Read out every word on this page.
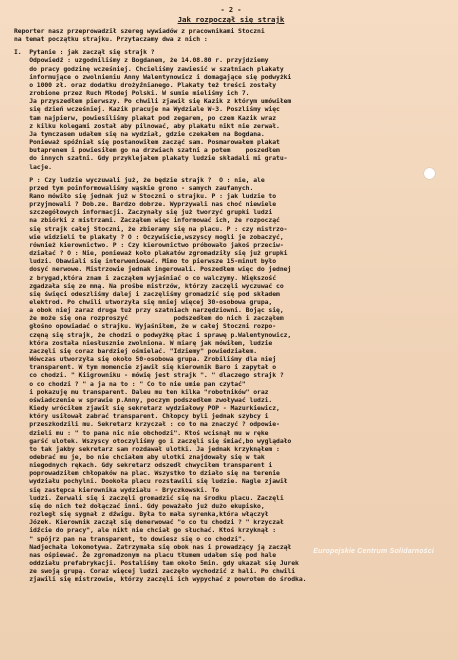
- 2 -
Jak rozpoczął się strajk
Reporter nasz przeprowadził szereg wywiadów z pracownikami Stoczni
na temat początku strajku. Przytaczamy dwa z nich :
I.  Pytanie : jak zaczął się strajk ?
Odpowiedź : uzgodniliśmy z Bogdanem, że 14.08.80 r. przyjdziemy
do pracy godzinę wcześniej. Chcieliśmy zawiesić w szatniach plakaty
informujące o zwolnieniu Anny Walentynowicz i domagające się podwyżki
o 1000 zł. oraz dodatku drożyźnianego. Plakaty też treści zostały
zrobione przez Ruch Młodej Polski. W sumie mieliśmy ich 7.
Ja przyszedłem pierwszy. Po chwili zjawił się Kazik z którym umówiłem
się dzień wcześniej. Kazik pracuje na Wydziale W-3. Poszliśmy więc
tam najpierw, powiesiliśmy plakat pod zegarem, po czem Kazik wraz
z kilku kolegami został aby pilnować, aby plakatu nikt nie zerwał.
Ja tymczasem udałem się na wydział, gdzie czekałem na Bogdana.
Ponieważ spóźniał się postanowiłem zacząć sam. Posmarowałem plakat
butaprenem i powiesiłem go na drzwiach szatni a potem    poszedłem
do innych szatni. Gdy przyklejałem plakaty ludzie składali mi gratu-
lacje.
P : Czy ludzie wyczuwali już, że będzie strajk ?  O : nie, ale
przed tym poinformowaliśmy wąskie grono - samych zaufanych.
Rano mówiło się jednak już w Stoczni o strajku. P : jak ludzie to
przyjmowali ? Dob.ze. Bardzo dobrze. Wyprzywali nas choć niewiele
szczegółowych informacji. Zaczynały się już tworzyć grupki ludzi
na zbiórki z mistrzami. Zacząłem więc informować ich, że rozpocząć
się strajk całej Stoczni, że zbieramy się na placu. P : czy mistrzo-
wie widzieli te plakaty ? O : Oczywiście,wszyscy mogli je zobaczyć,
również kierownictwo. P : Czy kierownictwo próbowało jakoś przeciw-
działać ? O : Nie, ponieważ koło plakatów zgromadziły się już grupki
ludzi. Obawiali się interweniować. Mimo to pierwsze 15-minut było
dosyć nerwowe. Mistrzowie jednak ingerowali. Poszedłem więc do jednej
z brygad,która znam i zacząłem wyjaśniać o co walczymy. Większość
zgadzała się ze mną. Na prośbe mistrzów, którzy zaczęli wyczuwać co
się święci odeszliśmy dalej i zaczęliśmy gromadzić się pod składem
elektrod. Po chwili utworzyła się mniej więcej 30-osobowa grupa,
a obok niej zaraz druga tuż przy szatniach narzędziowni. Bojąc się,
że może się ona rozproszyć            podszedłem do nich i zacząłem
głośno opowiadać o strajku. Wyjaśniłem, że w całej Stoczni rozpo-
częną się strajk, że chodzi o podwyżkę płac i sprawę p.Walentynowicz,
która została niesłusznie zwolniona. W miarę jak mówiłem, ludzie
zaczęli się coraz bardziej ośmielać. "Idziemy" powiedziałem.
Wówczas utworzyła się około 50-osobowa grupa. Zrobiliśmy dla niej
transparent. W tym momencie zjawił się kierownik Baro i zapytał o
co chodzi. " Kiigrowniku - mówię jest strajk ". " dlaczego strajk ?
o co chodzi ? " a ja na to : " Co to nie umie pan czytać"
i pokazuję mu transparent. Daleu mu ten kilka "robotników" oraz
oświadczenie w sprawie p.Anny, poczym podszedłem zwoływać ludzi.
Kiedy wróciłem zjawił się sekretarz wydziałowy POP - Mazurkiewicz,
który usiłował zabrać transparent. Chłopcy byli jednak szybcy i
przeszkodzili mu. Sekretarz krzyczał : co to ma znaczyć ? odpowie-
dzieli mu : " to pana nic nie obchodzi". Ktoś wcisnął mu w ręke
garść ulotek. Wszyscy otoczyliśmy go i zaczęli się śmiać,bo wyglądało
to tak jakby sekretarz sam rozdawał ulotki. Ja jednak krzyknąłem :
odebrać mu je, bo nie chciałem aby ulotki znajdowały się w tak
niegodnych rękach. Gdy sekretarz odszedł chwyciłem transparent i
poprowadziłem chłopaków na plac. Wszystko to działo się na terenie
wydziału pochylni. Dookoła placu rozstawili się ludzie. Nagle zjawił
się zastępca kierownika wydziału - Bryczkowski. To
ludzi. Zerwali się i zaczęli gromadzić się na środku placu. Zaczęli
się do nich też dołączać inni. Gdy poważało już dużo ekupisko,
rozległ się sygnał z dźwigu. Była to mała syrenka,która włączył
Józek. Kierownik zaczął się denerwować "o co tu chodzi ? " krzyczał
idźcie do pracy", ale nikt nie chciał go słuchać. Ktoś krzyknął :
" spójrz pan na transparent, to dowiesz się o co chodzi".
Nadjechała lokomotywa. Zatrzymała się obok nas i prowadzący ją zaczął
nas ośpiewać. Że zgromadzonym na placu tłumem udałem się pod hale
oddziału prefabrykacji. Postaliśmy tam około 5min. gdy ukazał się Jurek
ze swoją grupą. Coraz więcej ludzi zaczęło wychodzić z hali. Po chwili
zjawili się mistrzowie, którzy zaczęli ich wypychać z powrotem do środka.
Europejskie Centrum Solidarności
